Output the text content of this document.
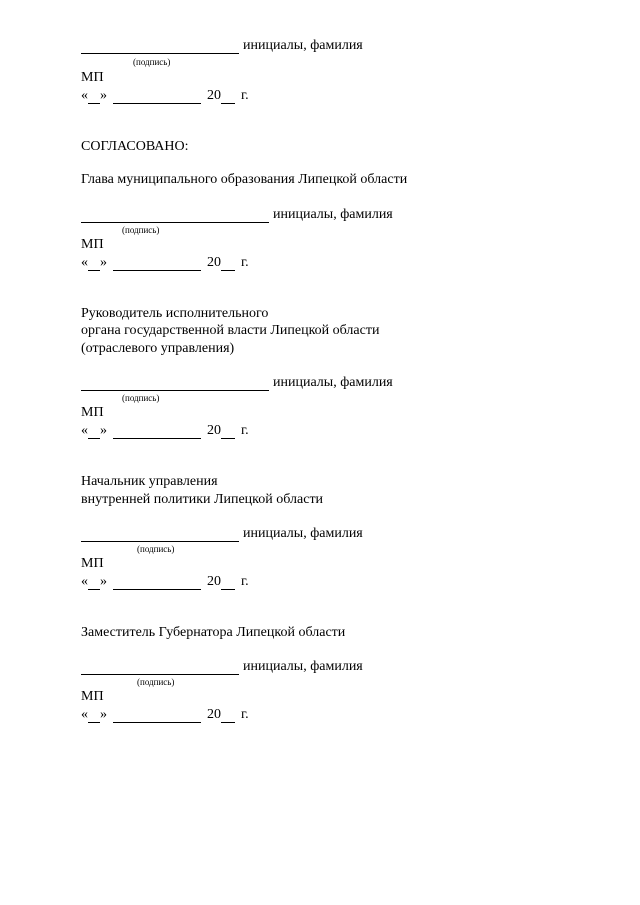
инициалы, фамилия
(подпись)
МП
« »	20 г.
СОГЛАСОВАНО:
Глава муниципального образования Липецкой области
инициалы, фамилия
(подпись)
МП
« »	20 г.
Руководитель исполнительного
органа государственной власти Липецкой области
(отраслевого управления)
инициалы, фамилия
(подпись)
МП
« »	20 г.
Начальник управления
внутренней политики Липецкой области
инициалы, фамилия
(подпись)
МП
« »	20 г.
Заместитель Губернатора Липецкой области
инициалы, фамилия
(подпись)
МП
« »	20 г.
